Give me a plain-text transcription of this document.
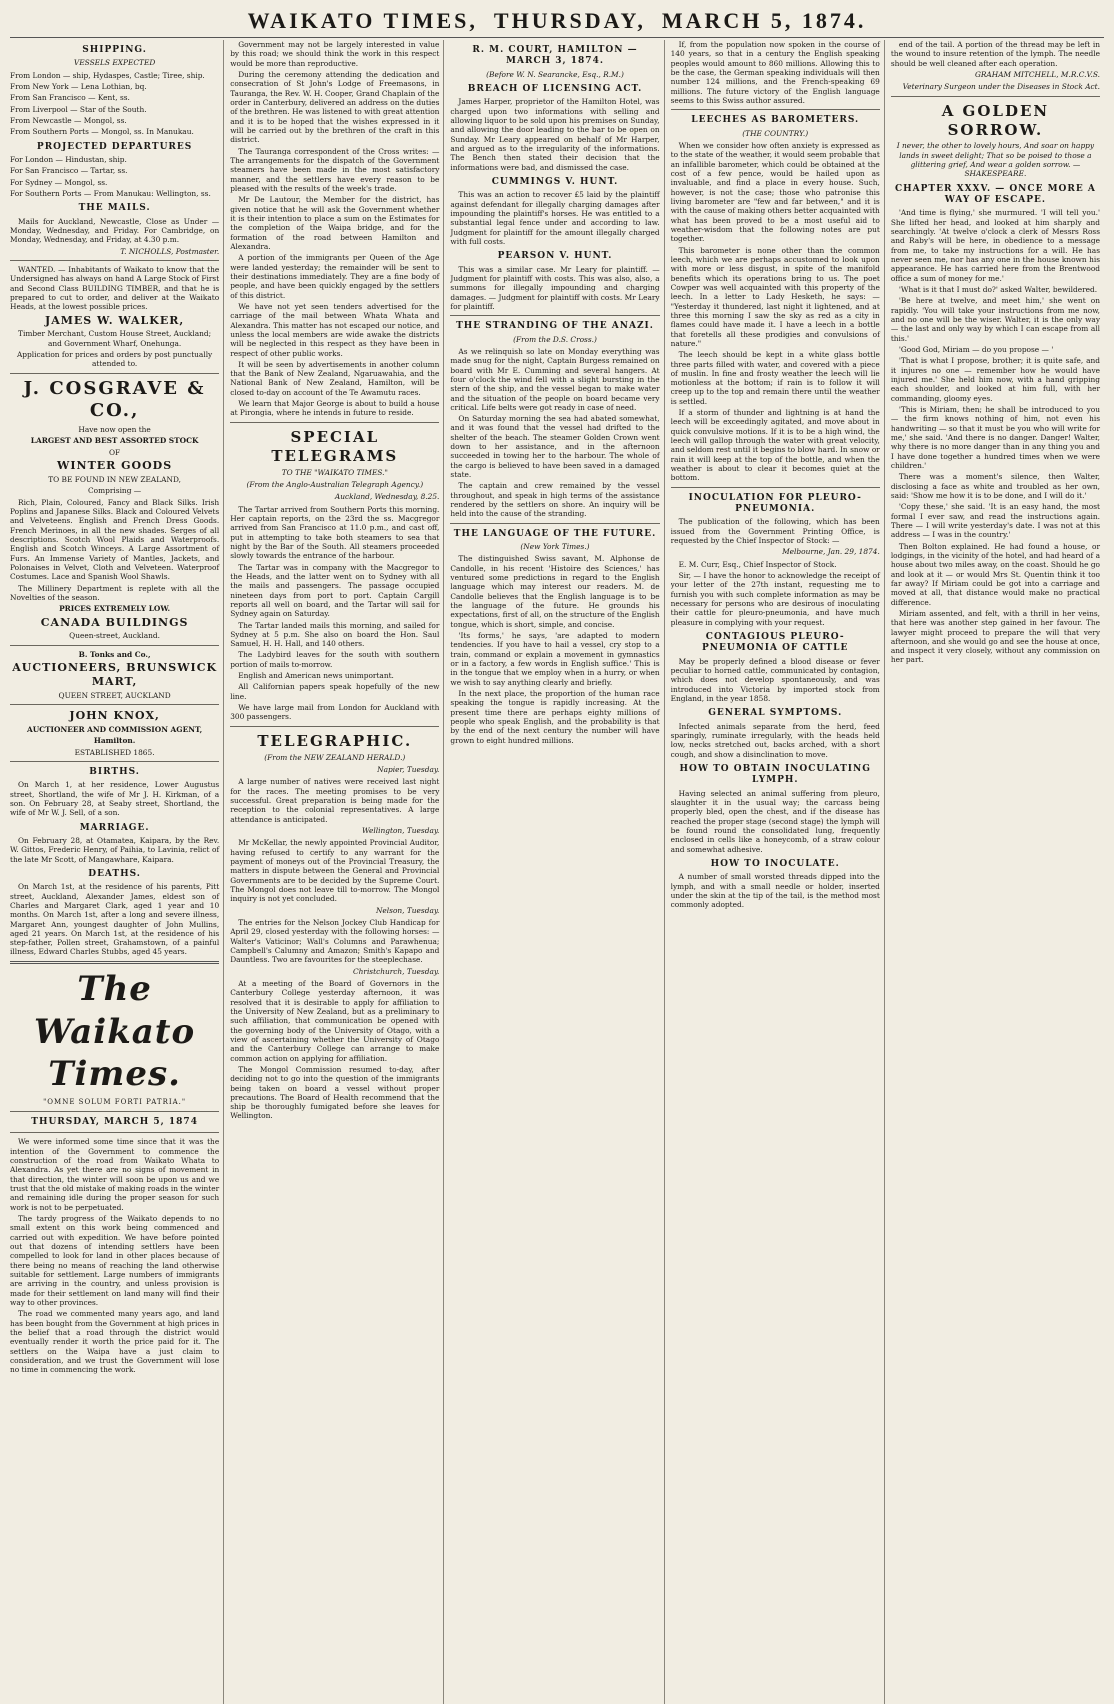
WAIKATO TIMES, THURSDAY, MARCH 5, 1874.
SHIPPING.
VESSELS EXPECTED

From London — ship, Hydaspes, Castle; Tiree, ship.

From New York — Lena Lothian, bq.

From San Francisco — Kent, ss.

From Liverpool — Star of the South.

From Newcastle — Mongol, ss.

From Southern Ports — Mongol, ss. In Manukau.

PROJECTED DEPARTURES

For London — Hindustan, ship.

For San Francisco — Tartar, ss.

For Sydney — Mongol, ss.

For Southern Ports — From Manukau: Wellington, ss.

THE MAILS.

Mails for Auckland, Newcastle, Close as Under — Monday, Wednesday, and Friday. For Cambridge, on Monday, Wednesday, and Friday, at 4.30 p.m.

T. NICHOLLS, Postmaster.

WANTED. — Inhabitants of Waikato to know that the Undersigned has always on hand A Large Stock of First and Second Class BUILDING TIMBER, and that he is prepared to cut to order, and deliver at the Waikato Heads, at the lowest possible prices.

JAMES W. WALKER,
Timber Merchant, Custom House Street, Auckland; and Government Wharf, Onehunga.
Application for prices and orders by post punctually attended to.
J. COSGRAVE & CO.,
Have now open the
LARGEST AND BEST ASSORTED STOCK
OF
WINTER GOODS
TO BE FOUND IN NEW ZEALAND,
Comprising —

Rich, Plain, Coloured, Fancy and Black Silks. Irish Poplins and Japanese Silks. Black and Coloured Velvets and Velveteens. English and French Dress Goods. French Merinoes, in all the new shades. Serges of all descriptions. Scotch Wool Plaids and Waterproofs. English and Scotch Winceys. A Large Assortment of Furs. An Immense Variety of Mantles, Jackets, and Polonaises in Velvet, Cloth and Velveteen. Waterproof Costumes. Lace and Spanish Wool Shawls.

The Millinery Department is replete with all the Novelties of the season.

PRICES EXTREMELY LOW.
CANADA BUILDINGS
Queen-street, Auckland.
B. Tonks and Co.,
AUCTIONEERS, BRUNSWICK MART,
QUEEN STREET, AUCKLAND
JOHN KNOX,
AUCTIONEER AND COMMISSION AGENT,
Hamilton.
ESTABLISHED 1865.
BIRTHS.

On March 1, at her residence, Lower Augustus street, Shortland, the wife of Mr J. H. Kirkman, of a son. On February 28, at Seaby street, Shortland, the wife of Mr W. J. Sell, of a son.

MARRIAGE.

On February 28, at Otamatea, Kaipara, by the Rev. W. Gittos, Frederic Henry, of Paihia, to Lavinia, relict of the late Mr Scott, of Mangawhare, Kaipara.

DEATHS.

On March 1st, at the residence of his parents, Pitt street, Auckland, Alexander James, eldest son of Charles and Margaret Clark, aged 1 year and 10 months. On March 1st, after a long and severe illness, Margaret Ann, youngest daughter of John Mullins, aged 21 years. On March 1st, at the residence of his step-father, Pollen street, Grahamstown, of a painful illness, Edward Charles Stubbs, aged 45 years.

The Waikato Times.
"OMNE SOLUM FORTI PATRIA."
THURSDAY, MARCH 5, 1874

We were informed some time since that it was the intention of the Government to commence the construction of the road from Waikato Whata to Alexandra. As yet there are no signs of movement in that direction, the winter will soon be upon us and we trust that the old mistake of making roads in the winter and remaining idle during the proper season for such work is not to be perpetuated.

The tardy progress of the Waikato depends to no small extent on this work being commenced and carried out with expedition. We have before pointed out that dozens of intending settlers have been compelled to look for land in other places because of there being no means of reaching the land otherwise suitable for settlement. Large numbers of immigrants are arriving in the country, and unless provision is made for their settlement on land many will find their way to other provinces.

The road we commented many years ago, and land has been bought from the Government at high prices in the belief that a road through the district would eventually render it worth the price paid for it. The settlers on the Waipa have a just claim to consideration, and we trust the Government will lose no time in commencing the work.

Government may not be largely interested in value by this road; we should think the work in this respect would be more than reproductive.

During the ceremony attending the dedication and consecration of St John's Lodge of Freemasons, in Tauranga, the Rev. W. H. Cooper, Grand Chaplain of the order in Canterbury, delivered an address on the duties of the brethren. He was listened to with great attention and it is to be hoped that the wishes expressed in it will be carried out by the brethren of the craft in this district.

The Tauranga correspondent of the Cross writes: — The arrangements for the dispatch of the Government steamers have been made in the most satisfactory manner, and the settlers have every reason to be pleased with the results of the week's trade.

Mr De Lautour, the Member for the district, has given notice that he will ask the Government whether it is their intention to place a sum on the Estimates for the completion of the Waipa bridge, and for the formation of the road between Hamilton and Alexandra.

A portion of the immigrants per Queen of the Age were landed yesterday; the remainder will be sent to their destinations immediately. They are a fine body of people, and have been quickly engaged by the settlers of this district.

We have not yet seen tenders advertised for the carriage of the mail between Whata Whata and Alexandra. This matter has not escaped our notice, and unless the local members are wide awake the districts will be neglected in this respect as they have been in respect of other public works.

It will be seen by advertisements in another column that the Bank of New Zealand, Ngaruawahia, and the National Bank of New Zealand, Hamilton, will be closed to-day on account of the Te Awamutu races.

We learn that Major George is about to build a house at Pirongia, where he intends in future to reside.

SPECIAL TELEGRAMS
TO THE "WAIKATO TIMES."
(From the Anglo-Australian Telegraph Agency.)
Auckland, Wednesday, 8.25.

The Tartar arrived from Southern Ports this morning. Her captain reports, on the 23rd the ss. Macgregor arrived from San Francisco at 11.0 p.m., and cast off, put in attempting to take both steamers to sea that night by the Bar of the South. All steamers proceeded slowly towards the entrance of the harbour.

The Tartar was in company with the Macgregor to the Heads, and the latter went on to Sydney with all the mails and passengers. The passage occupied nineteen days from port to port. Captain Cargill reports all well on board, and the Tartar will sail for Sydney again on Saturday.

The Tartar landed mails this morning, and sailed for Sydney at 5 p.m. She also on board the Hon. Saul Samuel, H. H. Hall, and 140 others.

The Ladybird leaves for the south with southern portion of mails to-morrow.

English and American news unimportant.

All Californian papers speak hopefully of the new line.

We have large mail from London for Auckland with 300 passengers.

TELEGRAPHIC.
(From the NEW ZEALAND HERALD.)
Napier, Tuesday.

A large number of natives were received last night for the races. The meeting promises to be very successful. Great preparation is being made for the reception to the colonial representatives. A large attendance is anticipated.

Wellington, Tuesday.

Mr McKellar, the newly appointed Provincial Auditor, having refused to certify to any warrant for the payment of moneys out of the Provincial Treasury, the matters in dispute between the General and Provincial Governments are to be decided by the Supreme Court. The Mongol does not leave till to-morrow. The Mongol inquiry is not yet concluded.

Nelson, Tuesday.

The entries for the Nelson Jockey Club Handicap for April 29, closed yesterday with the following horses: — Walter's Vaticinor; Wall's Columns and Parawhenua; Campbell's Calumny and Amazon; Smith's Kapapo and Dauntless. Two are favourites for the steeplechase.

Christchurch, Tuesday.

At a meeting of the Board of Governors in the Canterbury College yesterday afternoon, it was resolved that it is desirable to apply for affiliation to the University of New Zealand, but as a preliminary to such affiliation, that communication be opened with the governing body of the University of Otago, with a view of ascertaining whether the University of Otago and the Canterbury College can arrange to make common action on applying for affiliation.

The Mongol Commission resumed to-day, after deciding not to go into the question of the immigrants being taken on board a vessel without proper precautions. The Board of Health recommend that the ship be thoroughly fumigated before she leaves for Wellington.

R. M. COURT, HAMILTON — MARCH 3, 1874.
(Before W. N. Searancke, Esq., R.M.)
BREACH OF LICENSING ACT.

James Harper, proprietor of the Hamilton Hotel, was charged upon two informations with selling and allowing liquor to be sold upon his premises on Sunday, and allowing the door leading to the bar to be open on Sunday. Mr Leary appeared on behalf of Mr Harper, and argued as to the irregularity of the informations. The Bench then stated their decision that the informations were bad, and dismissed the case.

CUMMINGS V. HUNT.

This was an action to recover £5 laid by the plaintiff against defendant for illegally charging damages after impounding the plaintiff's horses. He was entitled to a substantial legal fence under and according to law. Judgment for plaintiff for the amount illegally charged with full costs.

PEARSON V. HUNT.

This was a similar case. Mr Leary for plaintiff. — Judgment for plaintiff with costs. This was also, also, a summons for illegally impounding and charging damages. — Judgment for plaintiff with costs. Mr Leary for plaintiff.

THE STRANDING OF THE ANAZI.
(From the D.S. Cross.)

As we relinquish so late on Monday everything was made snug for the night, Captain Burgess remained on board with Mr E. Cumming and several hangers. At four o'clock the wind fell with a slight bursting in the stern of the ship, and the vessel began to make water and the situation of the people on board became very critical. Life belts were got ready in case of need.

On Saturday morning the sea had abated somewhat, and it was found that the vessel had drifted to the shelter of the beach. The steamer Golden Crown went down to her assistance, and in the afternoon succeeded in towing her to the harbour. The whole of the cargo is believed to have been saved in a damaged state.

The captain and crew remained by the vessel throughout, and speak in high terms of the assistance rendered by the settlers on shore. An inquiry will be held into the cause of the stranding.

THE LANGUAGE OF THE FUTURE.
(New York Times.)

The distinguished Swiss savant, M. Alphonse de Candolle, in his recent 'Histoire des Sciences,' has ventured some predictions in regard to the English language which may interest our readers. M. de Candolle believes that the English language is to be the language of the future. He grounds his expectations, first of all, on the structure of the English tongue, which is short, simple, and concise.

'Its forms,' he says, 'are adapted to modern tendencies. If you have to hail a vessel, cry stop to a train, command or explain a movement in gymnastics or in a factory, a few words in English suffice.' This is in the tongue that we employ when in a hurry, or when we wish to say anything clearly and briefly.

In the next place, the proportion of the human race speaking the tongue is rapidly increasing. At the present time there are perhaps eighty millions of people who speak English, and the probability is that by the end of the next century the number will have grown to eight hundred millions.

If, from the population now spoken in the course of 140 years, so that in a century the English speaking peoples would amount to 860 millions. Allowing this to be the case, the German speaking individuals will then number 124 millions, and the French-speaking 69 millions. The future victory of the English language seems to this Swiss author assured.

LEECHES AS BAROMETERS.
(THE COUNTRY.)

When we consider how often anxiety is expressed as to the state of the weather, it would seem probable that an infallible barometer, which could be obtained at the cost of a few pence, would be hailed upon as invaluable, and find a place in every house. Such, however, is not the case; those who patronise this living barometer are "few and far between," and it is with the cause of making others better acquainted with what has been proved to be a most useful aid to weather-wisdom that the following notes are put together.

This barometer is none other than the common leech, which we are perhaps accustomed to look upon with more or less disgust, in spite of the manifold benefits which its operations bring to us. The poet Cowper was well acquainted with this property of the leech. In a letter to Lady Hesketh, he says: — "Yesterday it thundered, last night it lightened, and at three this morning I saw the sky as red as a city in flames could have made it. I have a leech in a bottle that foretells all these prodigies and convulsions of nature."

The leech should be kept in a white glass bottle three parts filled with water, and covered with a piece of muslin. In fine and frosty weather the leech will lie motionless at the bottom; if rain is to follow it will creep up to the top and remain there until the weather is settled.

If a storm of thunder and lightning is at hand the leech will be exceedingly agitated, and move about in quick convulsive motions. If it is to be a high wind, the leech will gallop through the water with great velocity, and seldom rest until it begins to blow hard. In snow or rain it will keep at the top of the bottle, and when the weather is about to clear it becomes quiet at the bottom.

INOCULATION FOR PLEURO-PNEUMONIA.

The publication of the following, which has been issued from the Government Printing Office, is requested by the Chief Inspector of Stock: —

Melbourne, Jan. 29, 1874.

E. M. Curr, Esq., Chief Inspector of Stock.

Sir, — I have the honor to acknowledge the receipt of your letter of the 27th instant, requesting me to furnish you with such complete information as may be necessary for persons who are desirous of inoculating their cattle for pleuro-pneumonia, and have much pleasure in complying with your request.

CONTAGIOUS PLEURO-PNEUMONIA OF CATTLE

May be properly defined a blood disease or fever peculiar to horned cattle, communicated by contagion, which does not develop spontaneously, and was introduced into Victoria by imported stock from England, in the year 1858.

GENERAL SYMPTOMS.

Infected animals separate from the herd, feed sparingly, ruminate irregularly, with the heads held low, necks stretched out, backs arched, with a short cough, and show a disinclination to move.

HOW TO OBTAIN INOCULATING LYMPH.

Having selected an animal suffering from pleuro, slaughter it in the usual way; the carcass being properly bled, open the chest, and if the disease has reached the proper stage (second stage) the lymph will be found round the consolidated lung, frequently enclosed in cells like a honeycomb, of a straw colour and somewhat adhesive.

HOW TO INOCULATE.

A number of small worsted threads dipped into the lymph, and with a small needle or holder, inserted under the skin at the tip of the tail, is the method most commonly adopted.

end of the tail. A portion of the thread may be left in the wound to insure retention of the lymph. The needle should be well cleaned after each operation.

GRAHAM MITCHELL, M.R.C.V.S.
Veterinary Surgeon under the Diseases in Stock Act.
A GOLDEN SORROW.
I never, the other to lovely hours, And soar on happy lands in sweet delight; That so be poised to those a glittering grief, And wear a golden sorrow. — SHAKESPEARE.
CHAPTER XXXV. — ONCE MORE A WAY OF ESCAPE.

'And time is flying,' she murmured. 'I will tell you.' She lifted her head, and looked at him sharply and searchingly. 'At twelve o'clock a clerk of Messrs Ross and Raby's will be here, in obedience to a message from me, to take my instructions for a will. He has never seen me, nor has any one in the house known his appearance. He has carried here from the Brentwood office a sum of money for me.'

'What is it that I must do?' asked Walter, bewildered.

'Be here at twelve, and meet him,' she went on rapidly. 'You will take your instructions from me now, and no one will be the wiser. Walter, it is the only way — the last and only way by which I can escape from all this.'

'Good God, Miriam — do you propose — '

'That is what I propose, brother; it is quite safe, and it injures no one — remember how he would have injured me.' She held him now, with a hand gripping each shoulder, and looked at him full, with her commanding, gloomy eyes.

'This is Miriam, then; he shall be introduced to you — the firm knows nothing of him, not even his handwriting — so that it must be you who will write for me,' she said. 'And there is no danger. Danger! Walter, why there is no more danger than in any thing you and I have done together a hundred times when we were children.'

There was a moment's silence, then Walter, disclosing a face as white and troubled as her own, said: 'Show me how it is to be done, and I will do it.'

'Copy these,' she said. 'It is an easy hand, the most formal I ever saw, and read the instructions again. There — I will write yesterday's date. I was not at this address — I was in the country.'

Then Bolton explained. He had found a house, or lodgings, in the vicinity of the hotel, and had heard of a house about two miles away, on the coast. Should he go and look at it — or would Mrs St. Quentin think it too far away? If Miriam could be got into a carriage and moved at all, that distance would make no practical difference.

Miriam assented, and felt, with a thrill in her veins, that here was another step gained in her favour. The lawyer might proceed to prepare the will that very afternoon, and she would go and see the house at once, and inspect it very closely, without any commission on her part.
